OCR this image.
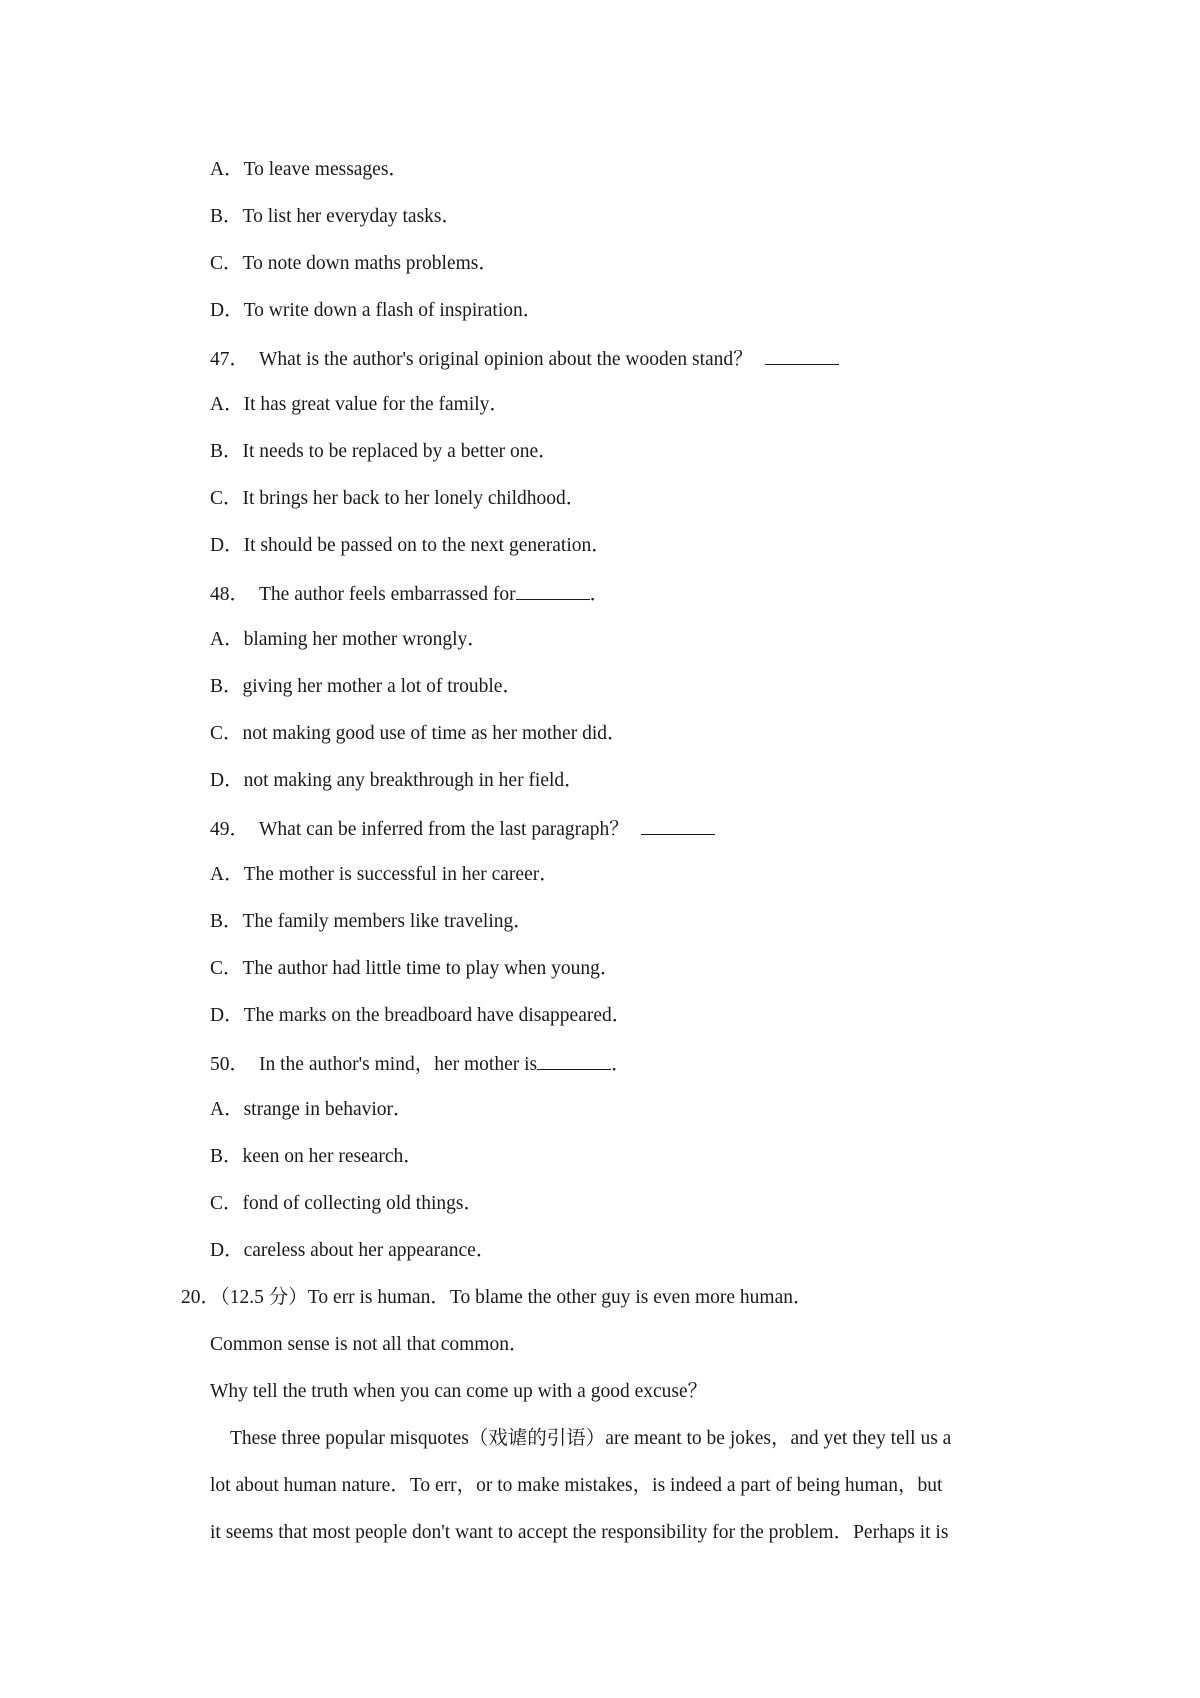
A．To leave messages．
B．To list her everyday tasks．
C．To note down maths problems．
D．To write down a flash of inspiration．
47． What is the author's original opinion about the wooden stand？
A．It has great value for the family．
B．It needs to be replaced by a better one．
C．It brings her back to her lonely childhood．
D．It should be passed on to the next generation．
48． The author feels embarrassed for	．
A．blaming her mother wrongly．
B．giving her mother a lot of trouble．
C．not making good use of time as her mother did．
D．not making any breakthrough in her field．
49． What can be inferred from the last paragraph？
A．The mother is successful in her career．
B．The family members like traveling．
C．The author had little time to play when young．
D．The marks on the breadboard have disappeared．
50． In the author's mind，her mother is	．
A．strange in behavior．
B．keen on her research．
C．fond of collecting old things．
D．careless about her appearance．
20．（12.5 分）To err is human．To blame the other guy is even more human．
Common sense is not all that common．
Why tell the truth when you can come up with a good excuse？
These three popular misquotes（戏谑的引语）are meant to be jokes，and yet they tell us a
lot about human nature．To err，or to make mistakes，is indeed a part of being human，but
it seems that most people don't want to accept the responsibility for the problem．Perhaps it is
